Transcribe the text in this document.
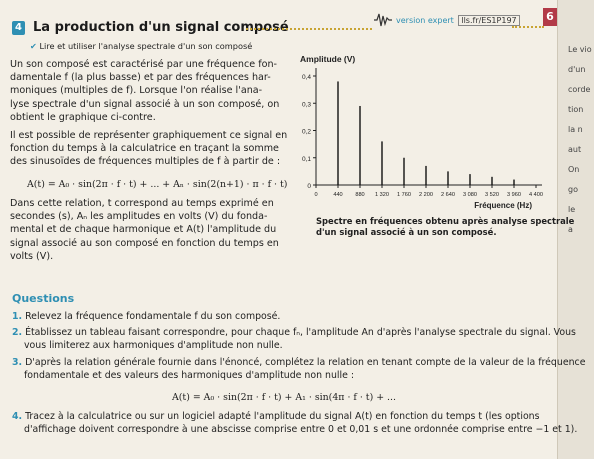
Le vio
d'un
corde
tion
la n
aut
On
go
le
a
4 La production d'un signal composé	version expert lls.fr/ES1P197	6
✔ Lire et utiliser l'analyse spectrale d'un son composé
Un son composé est caractérisé par une fréquence fon-
damentale f (la plus basse) et par des fréquences har-
moniques (multiples de f). Lorsque l'on réalise l'ana-
lyse spectrale d'un signal associé à un son composé, on
obtient le graphique ci-contre.
Il est possible de représenter graphiquement ce signal en
fonction du temps à la calculatrice en traçant la somme
des sinusoïdes de fréquences multiples de f à partir de :
A(t) = A₀ · sin(2π · f · t) + ... + Aₙ · sin(2(n+1) · π · f · t)
Dans cette relation, t correspond au temps exprimé en
secondes (s), Aₙ les amplitudes en volts (V) du fonda-
mental et de chaque harmonique et A(t) l'amplitude du
signal associé au son composé en fonction du temps en
volts (V).
Amplitude (V)
Fréquence (Hz)
0
0,1
0,2
0,3
0,4
0	440 880 1 320 1 760 2 200 2 640 3 080 3 520 3 960 4 400
Spectre en fréquences obtenu après analyse spectrale
d'un signal associé à un son composé.
Questions
1. Relevez la fréquence fondamentale f du son composé.
2. Établissez un tableau faisant correspondre, pour chaque fₙ, l'amplitude An d'après l'analyse spectrale du signal. Vous
vous limiterez aux harmoniques d'amplitude non nulle.
3. D'après la relation générale fournie dans l'énoncé, complétez la relation en tenant compte de la valeur de la fréquence
fondamentale et des valeurs des harmoniques d'amplitude non nulle :
A(t) = A₀ · sin(2π · f · t) + A₁ · sin(4π · f · t) + ...
4. Tracez à la calculatrice ou sur un logiciel adapté l'amplitude du signal A(t) en fonction du temps t (les options
d'affichage doivent correspondre à une abscisse comprise entre 0 et 0,01 s et une ordonnée comprise entre −1 et 1).
